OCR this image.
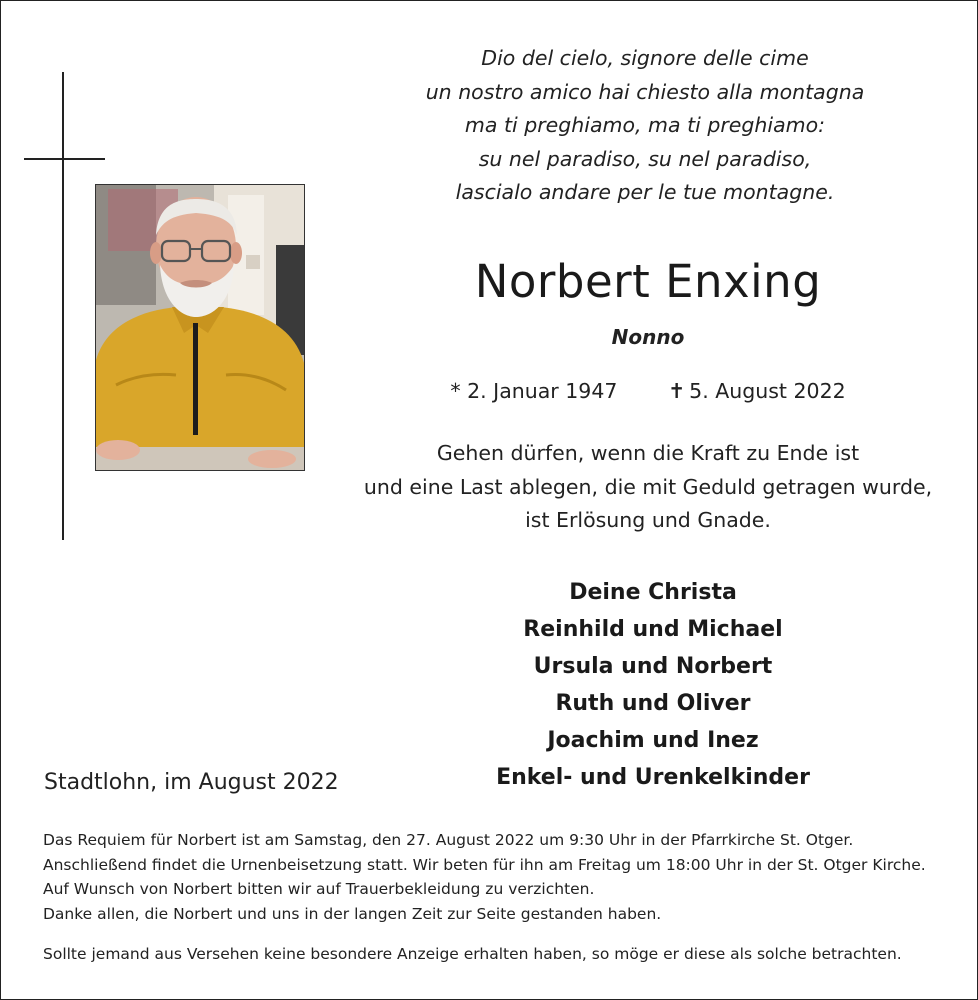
Dio del cielo, signore delle cime
un nostro amico hai chiesto alla montagna
ma ti preghiamo, ma ti preghiamo:
su nel paradiso, su nel paradiso,
lascialo andare per le tue montagne.
Norbert Enxing
Nonno
* 2. Januar 1947 ✝ 5. August 2022
Gehen dürfen, wenn die Kraft zu Ende ist
und eine Last ablegen, die mit Geduld getragen wurde,
ist Erlösung und Gnade.
Deine Christa
Reinhild und Michael
Ursula und Norbert
Ruth und Oliver
Joachim und Inez
Enkel- und Urenkelkinder
Stadtlohn, im August 2022
Das Requiem für Norbert ist am Samstag, den 27. August 2022 um 9:30 Uhr in der Pfarrkirche St. Otger.
Anschließend findet die Urnenbeisetzung statt. Wir beten für ihn am Freitag um 18:00 Uhr in der St. Otger Kirche.
Auf Wunsch von Norbert bitten wir auf Trauerbekleidung zu verzichten.
Danke allen, die Norbert und uns in der langen Zeit zur Seite gestanden haben.
Sollte jemand aus Versehen keine besondere Anzeige erhalten haben, so möge er diese als solche betrachten.
